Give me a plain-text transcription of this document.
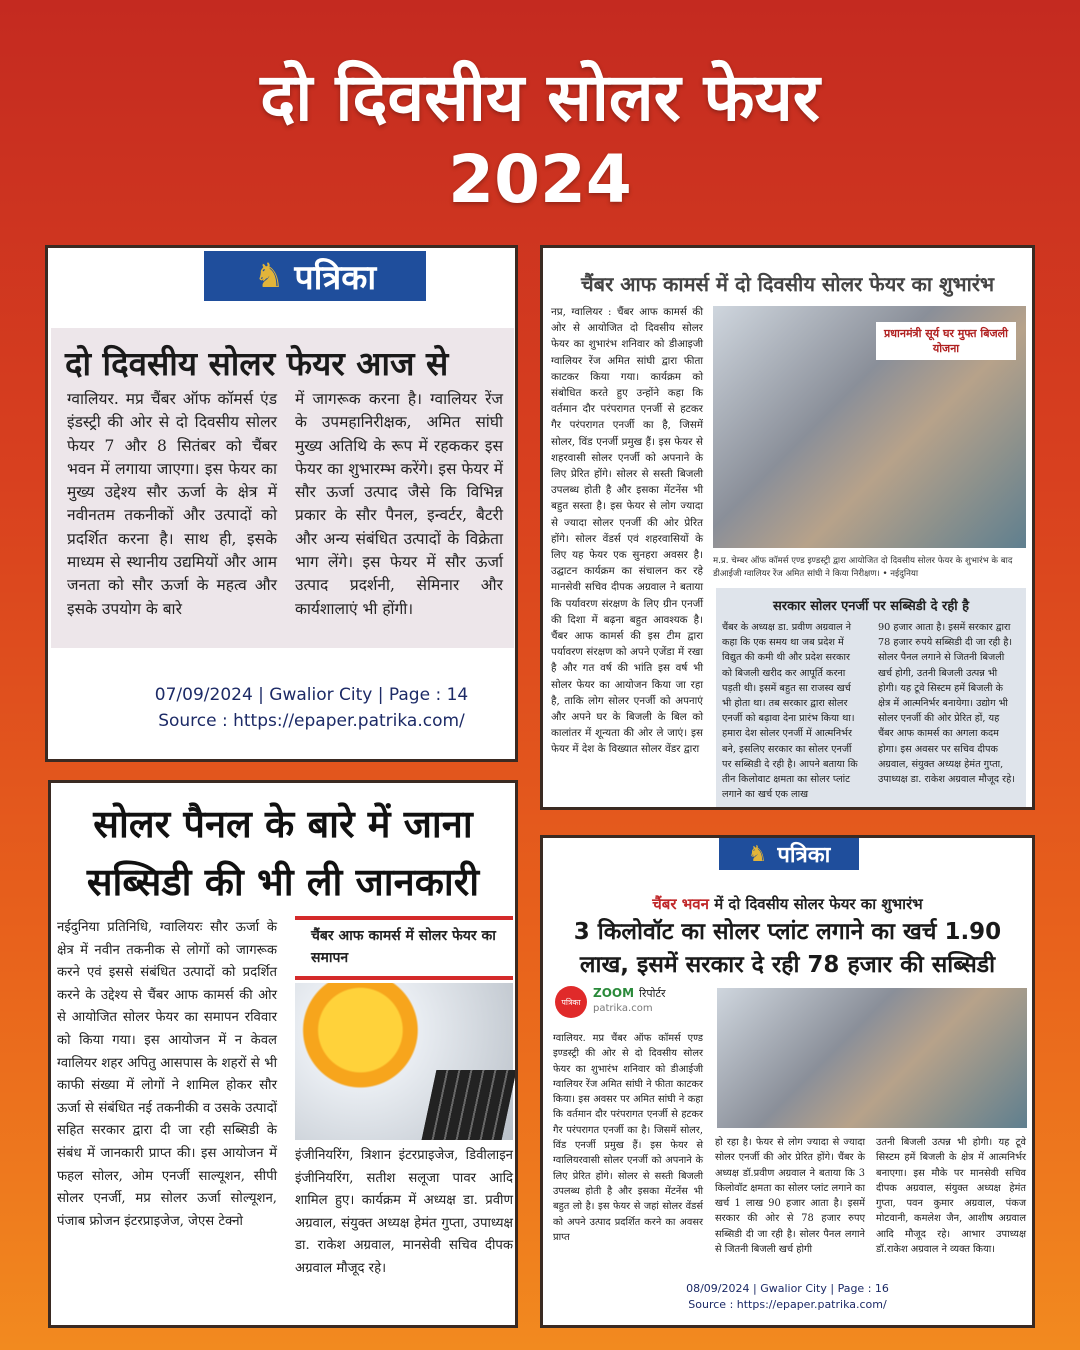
दो दिवसीय सोलर फेयर
2024
♞ पत्रिका
दो दिवसीय सोलर फेयर आज से
ग्वालियर. मप्र चैंबर ऑफ कॉमर्स एंड इंडस्ट्री की ओर से दो दिवसीय सोलर फेयर 7 और 8 सितंबर को चैंबर भवन में लगाया जाएगा। इस फेयर का मुख्य उद्देश्य सौर ऊर्जा के क्षेत्र में नवीनतम तकनीकों और उत्पादों को प्रदर्शित करना है। साथ ही, इसके माध्यम से स्थानीय उद्यमियों और आम जनता को सौर ऊर्जा के महत्व और इसके उपयोग के बारे
में जागरूक करना है। ग्वालियर रेंज के उपमहानिरीक्षक, अमित सांघी मुख्य अतिथि के रूप में रहककर इस फेयर का शुभारम्भ करेंगे। इस फेयर में सौर ऊर्जा उत्पाद जैसे कि विभिन्न प्रकार के सौर पैनल, इन्वर्टर, बैटरी और अन्य संबंधित उत्पादों के विक्रेता भाग लेंगे। इस फेयर में सौर ऊर्जा उत्पाद प्रदर्शनी, सेमिनार और कार्यशालाएं भी होंगी।
07/09/2024 | Gwalior City | Page : 14
Source : https://epaper.patrika.com/
चैंबर आफ कामर्स में दो दिवसीय सोलर फेयर का शुभारंभ
नप्र, ग्वालियर : चैंबर आफ कामर्स की ओर से आयोजित दो दिवसीय सोलर फेयर का शुभारंभ शनिवार को डीआइजी ग्वालियर रेंज अमित सांघी द्वारा फीता काटकर किया गया। कार्यक्रम को संबोधित करते हुए उन्होंने कहा कि वर्तमान दौर परंपरागत एनर्जी से हटकर गैर परंपरागत एनर्जी का है, जिसमें सोलर, विंड एनर्जी प्रमुख हैं। इस फेयर से शहरवासी सोलर एनर्जी को अपनाने के लिए प्रेरित होंगे। सोलर से सस्ती बिजली उपलब्ध होती है और इसका मेंटनेंस भी बहुत सस्ता है। इस फेयर से लोग ज्यादा से ज्यादा सोलर एनर्जी की ओर प्रेरित होंगे। सोलर वेंडर्स एवं शहरवासियों के लिए यह फेयर एक सुनहरा अवसर है। उद्घाटन कार्यक्रम का संचालन कर रहे मानसेवी सचिव दीपक अग्रवाल ने बताया कि पर्यावरण संरक्षण के लिए ग्रीन एनर्जी की दिशा में बढ़ना बहुत आवश्यक है। चैंबर आफ कामर्स की इस टीम द्वारा पर्यावरण संरक्षण को अपने एजेंडा में रखा है और गत वर्ष की भांति इस वर्ष भी सोलर फेयर का आयोजन किया जा रहा है, ताकि लोग सोलर एनर्जी को अपनाएं और अपने घर के बिजली के बिल को कालांतर में शून्यता की ओर ले जाएं। इस फेयर में देश के विख्यात सोलर वेंडर द्वारा
प्रधानमंत्री सूर्य घर मुफ्त बिजली योजना
म.प्र. चेम्बर ऑफ कॉमर्स एण्ड इण्डस्ट्री द्वारा आयोजित दो दिवसीय सोलर फेयर के शुभारंभ के बाद डीआईजी ग्वालियर रेंज अमित सांघी ने किया निरीक्षण। • नईदुनिया
सरकार सोलर एनर्जी पर सब्सिडी दे रही है
चैंबर के अध्यक्ष डा. प्रवीण अग्रवाल ने कहा कि एक समय था जब प्रदेश में विद्युत की कमी थी और प्रदेश सरकार को बिजली खरीद कर आपूर्ति करना पड़ती थी। इसमें बहुत सा राजस्व खर्च भी होता था। तब सरकार द्वारा सोलर एनर्जी को बढ़ावा देना प्रारंभ किया था। हमारा देश सोलर एनर्जी में आत्मनिर्भर बने, इसलिए सरकार का सोलर एनर्जी पर सब्सिडी दे रही है। आपने बताया कि तीन किलोवाट क्षमता का सोलर प्लांट लगाने का खर्च एक लाख
90 हजार आता है। इसमें सरकार द्वारा 78 हजार रुपये सब्सिडी दी जा रही है। सोलर पैनल लगाने से जितनी बिजली खर्च होगी, उतनी बिजली उत्पन्न भी होगी। यह टूवे सिस्टम हमें बिजली के क्षेत्र में आत्मनिर्भर बनायेगा। उद्योग भी सोलर एनर्जी की ओर प्रेरित हों, यह चैंबर आफ कामर्स का अगला कदम होगा। इस अवसर पर सचिव दीपक अग्रवाल, संयुक्त अध्यक्ष हेमंत गुप्ता, उपाध्यक्ष डा. राकेश अग्रवाल मौजूद रहे।
सोलर पैनल के बारे में जाना
सब्सिडी की भी ली जानकारी
नईदुनिया प्रतिनिधि, ग्वालियरः सौर ऊर्जा के क्षेत्र में नवीन तकनीक से लोगों को जागरूक करने एवं इससे संबंधित उत्पादों को प्रदर्शित करने के उद्देश्य से चैंबर आफ कामर्स की ओर से आयोजित सोलर फेयर का समापन रविवार को किया गया। इस आयोजन में न केवल ग्वालियर शहर अपितु आसपास के शहरों से भी काफी संख्या में लोगों ने शामिल होकर सौर ऊर्जा से संबंधित नई तकनीकी व उसके उत्पादों सहित सरकार द्वारा दी जा रही सब्सिडी के संबंध में जानकारी प्राप्त की। इस आयोजन में फहल सोलर, ओम एनर्जी साल्यूशन, सीपी सोलर एनर्जी, मप्र सोलर ऊर्जा सोल्यूशन, पंजाब फ्रोजन इंटरप्राइजेज, जेएस टेक्नो
चैंबर आफ कामर्स में सोलर फेयर का समापन
इंजीनियरिंग, त्रिशान इंटरप्राइजेज, डिवीलाइन इंजीनियरिंग, सतीश सलूजा पावर आदि शामिल हुए। कार्यक्रम में अध्यक्ष डा. प्रवीण अग्रवाल, संयुक्त अध्यक्ष हेमंत गुप्ता, उपाध्यक्ष डा. राकेश अग्रवाल, मानसेवी सचिव दीपक अग्रवाल मौजूद रहे।
♞ पत्रिका
चैंबर भवन में दो दिवसीय सोलर फेयर का शुभारंभ
3 किलोवॉट का सोलर प्लांट लगाने का खर्च 1.90 लाख, इसमें सरकार दे रही 78 हजार की सब्सिडी
पत्रिका
ZOOM रिपोर्टर
patrika.com
ग्वालियर. मप्र चैंबर ऑफ कॉमर्स एण्ड इण्डस्ट्री की ओर से दो दिवसीय सोलर फेयर का शुभारंभ शनिवार को डीआईजी ग्वालियर रेंज अमित सांघी ने फीता काटकर किया। इस अवसर पर अमित सांघी ने कहा कि वर्तमान दौर परंपरागत एनर्जी से हटकर गैर परंपरागत एनर्जी का है। जिसमें सोलर, विंड एनर्जी प्रमुख हैं। इस फेयर से ग्वालियरवासी सोलर एनर्जी को अपनाने के लिए प्रेरित होंगे। सोलर से सस्ती बिजली उपलब्ध होती है और इसका मेंटनेंस भी बहुत लो है। इस फेयर से जहां सोलर वेंडर्स को अपने उत्पाद प्रदर्शित करने का अवसर प्राप्त
हो रहा है। फेयर से लोग ज्यादा से ज्यादा सोलर एनर्जी की ओर प्रेरित होंगे। चैंबर के अध्यक्ष डॉ.प्रवीण अग्रवाल ने बताया कि 3 किलोवॉट क्षमता का सोलर प्लांट लगाने का खर्च 1 लाख 90 हजार आता है। इसमें सरकार की ओर से 78 हजार रुपए सब्सिडी दी जा रही है। सोलर पैनल लगाने से जितनी बिजली खर्च होगी
उतनी बिजली उत्पन्न भी होगी। यह टूवे सिस्टम हमें बिजली के क्षेत्र में आत्मनिर्भर बनाएगा। इस मौके पर मानसेवी सचिव दीपक अग्रवाल, संयुक्त अध्यक्ष हेमंत गुप्ता, पवन कुमार अग्रवाल, पंकज मोटवानी, कमलेश जैन, आशीष अग्रवाल आदि मौजूद रहे। आभार उपाध्यक्ष डॉ.राकेश अग्रवाल ने व्यक्त किया।
08/09/2024 | Gwalior City | Page : 16
Source : https://epaper.patrika.com/
